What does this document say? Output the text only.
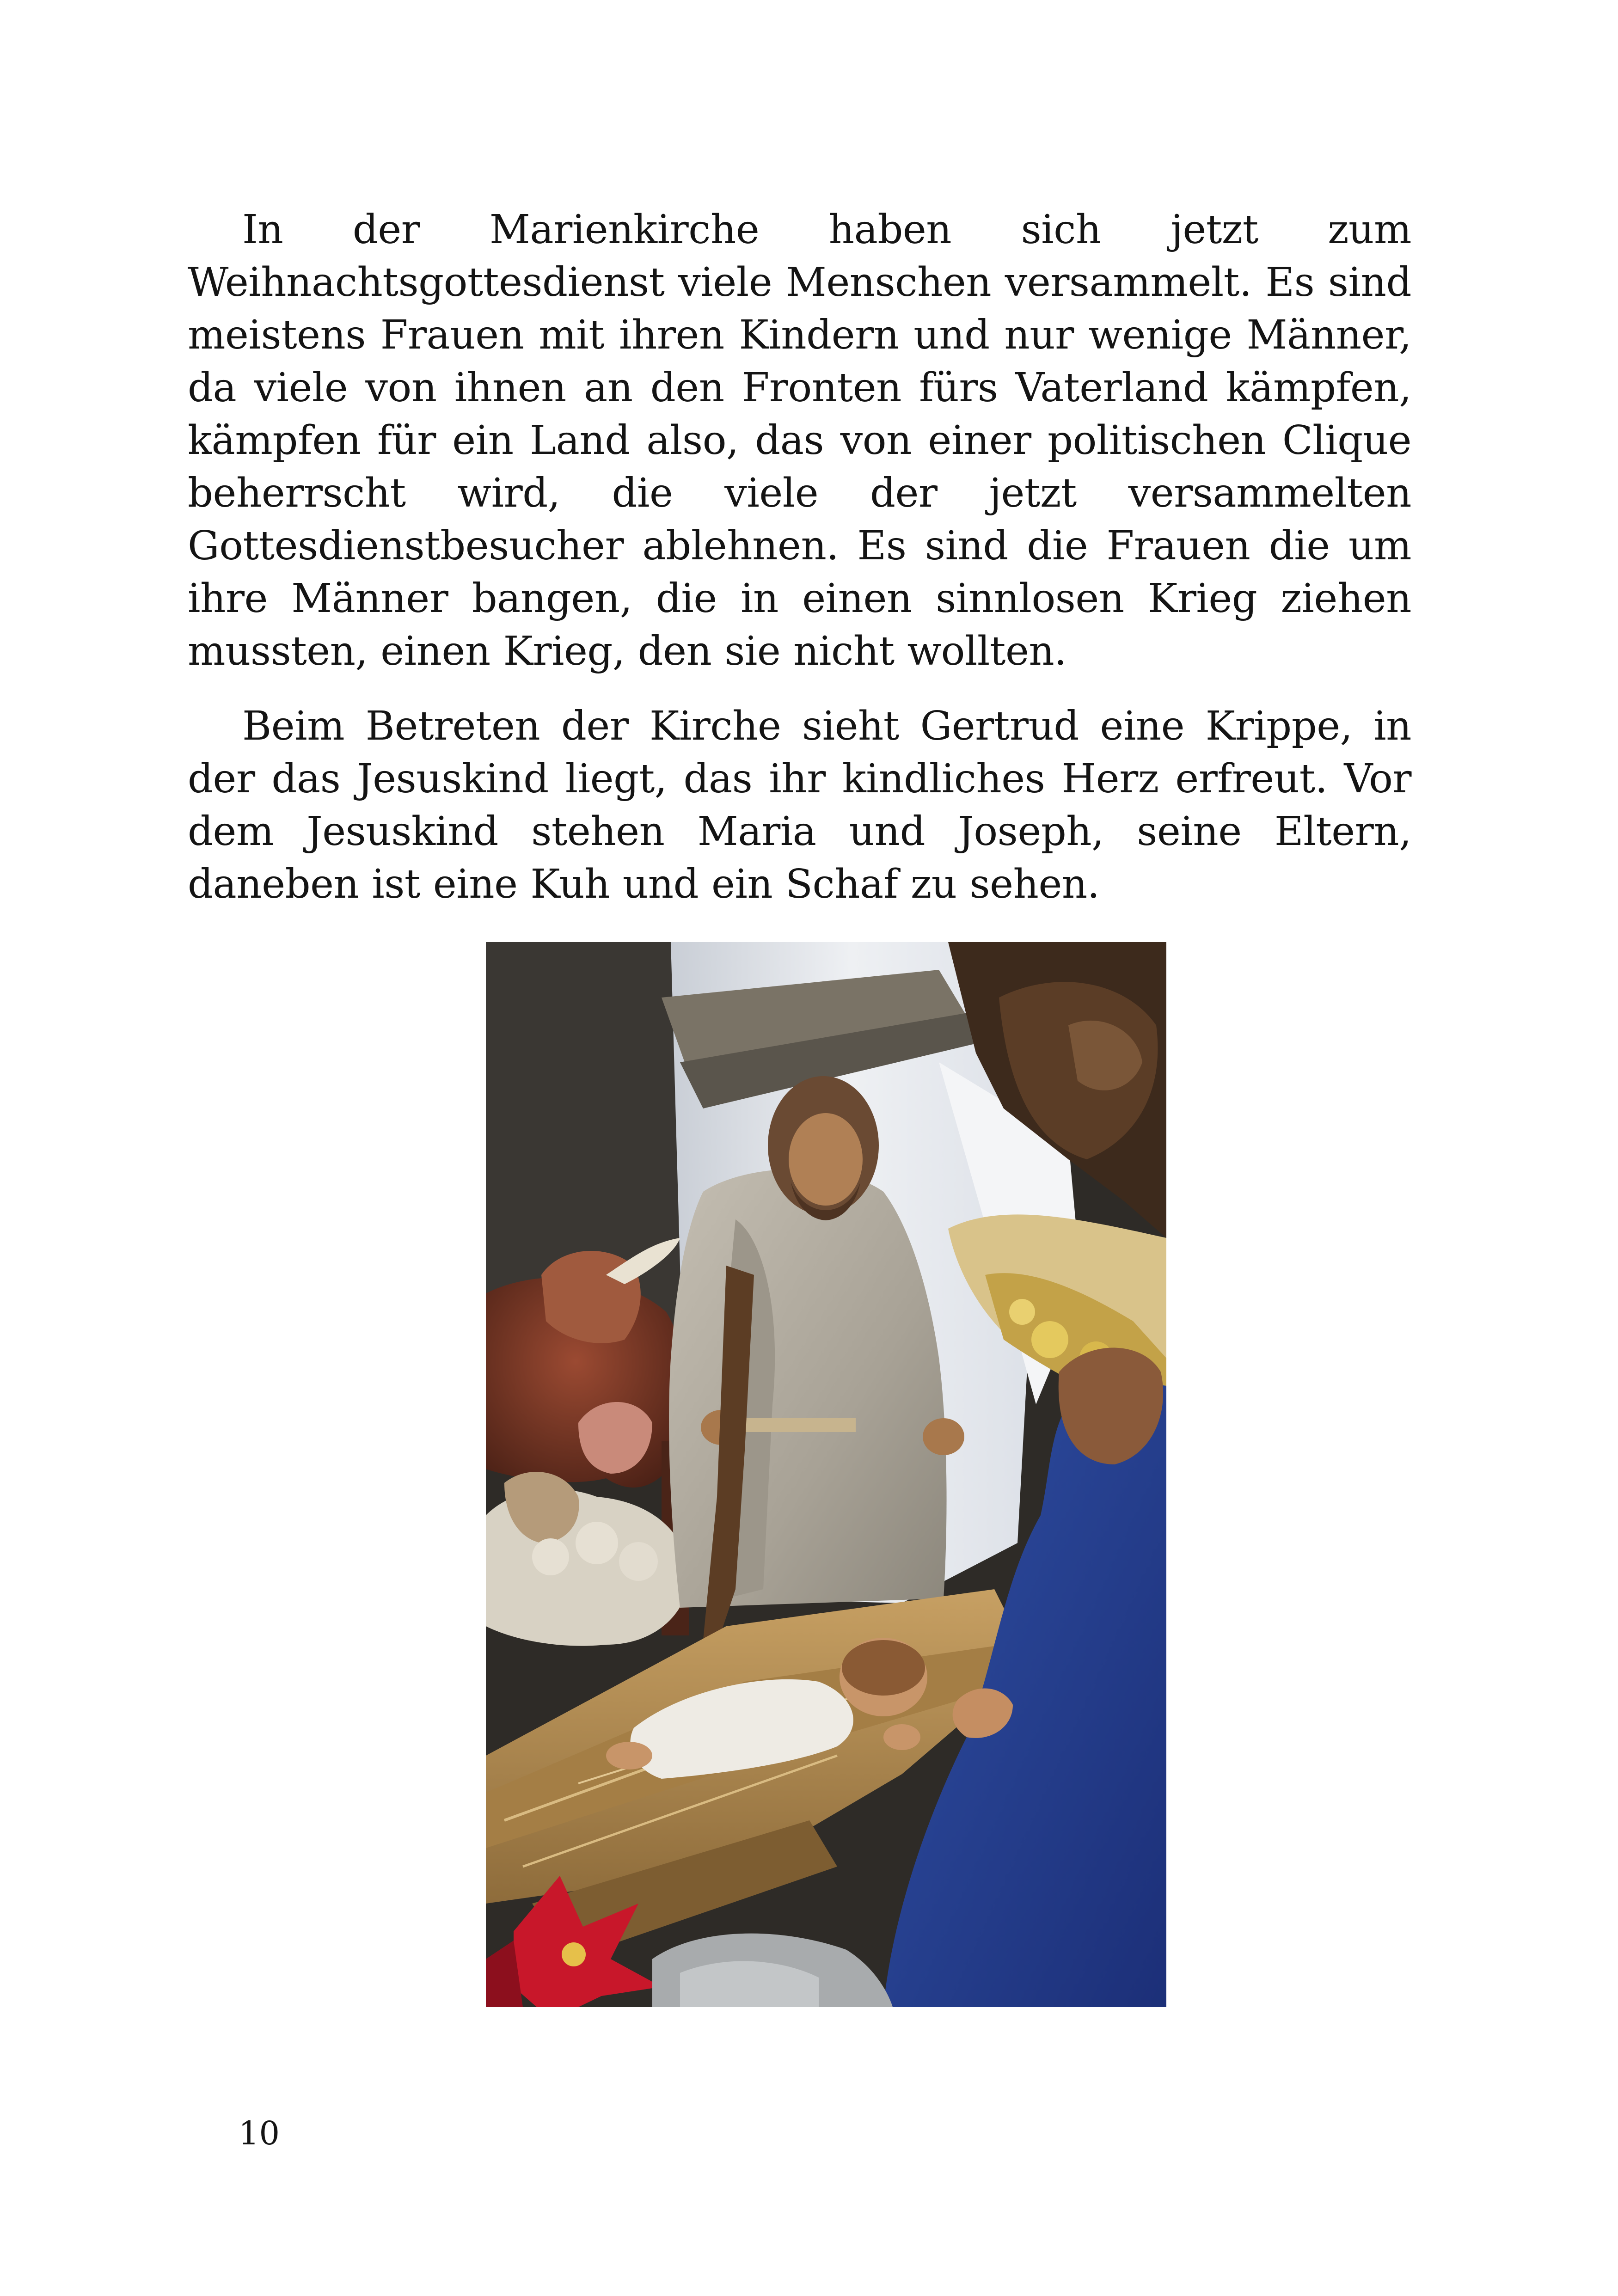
In der Marienkirche haben sich jetzt zum Weihnachtsgottesdienst viele Menschen versammelt. Es sind meistens Frauen mit ihren Kindern und nur wenige Männer, da viele von ihnen an den Fronten fürs Vaterland kämpfen, kämpfen für ein Land also, das von einer politischen Clique beherrscht wird, die viele der jetzt versammelten Gottesdienstbesucher ablehnen. Es sind die Frauen die um ihre Männer bangen, die in einen sinnlosen Krieg ziehen mussten, einen Krieg, den sie nicht wollten.

Beim Betreten der Kirche sieht Gertrud eine Krippe, in der das Jesuskind liegt, das ihr kindliches Herz erfreut. Vor dem Jesuskind stehen Maria und Joseph, seine Eltern, daneben ist eine Kuh und ein Schaf zu sehen.

10
